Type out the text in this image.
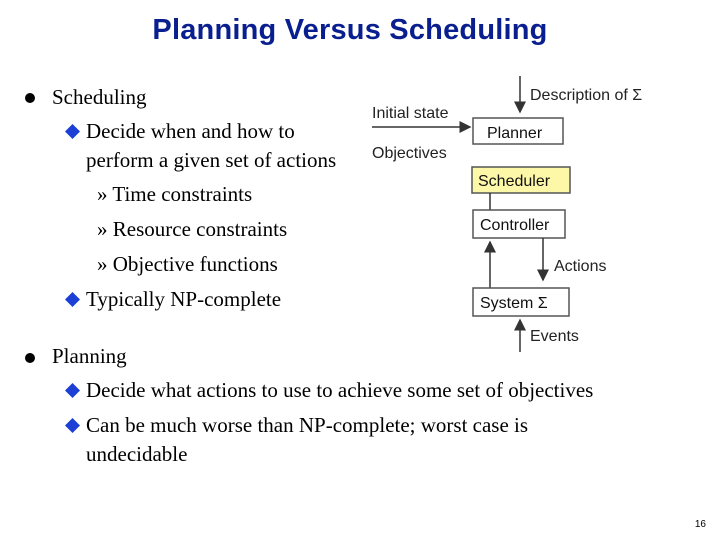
Planning Versus Scheduling
Scheduling
Decide when and how to
perform a given set of actions
» Time constraints
» Resource constraints
» Objective functions
Typically NP-complete
Planning
Decide what actions to use to achieve some set of objectives
Can be much worse than NP-complete; worst case is
undecidable
Description of Σ
Initial state
Objectives
Planner
Scheduler
Controller
Actions
System Σ
Events
16
